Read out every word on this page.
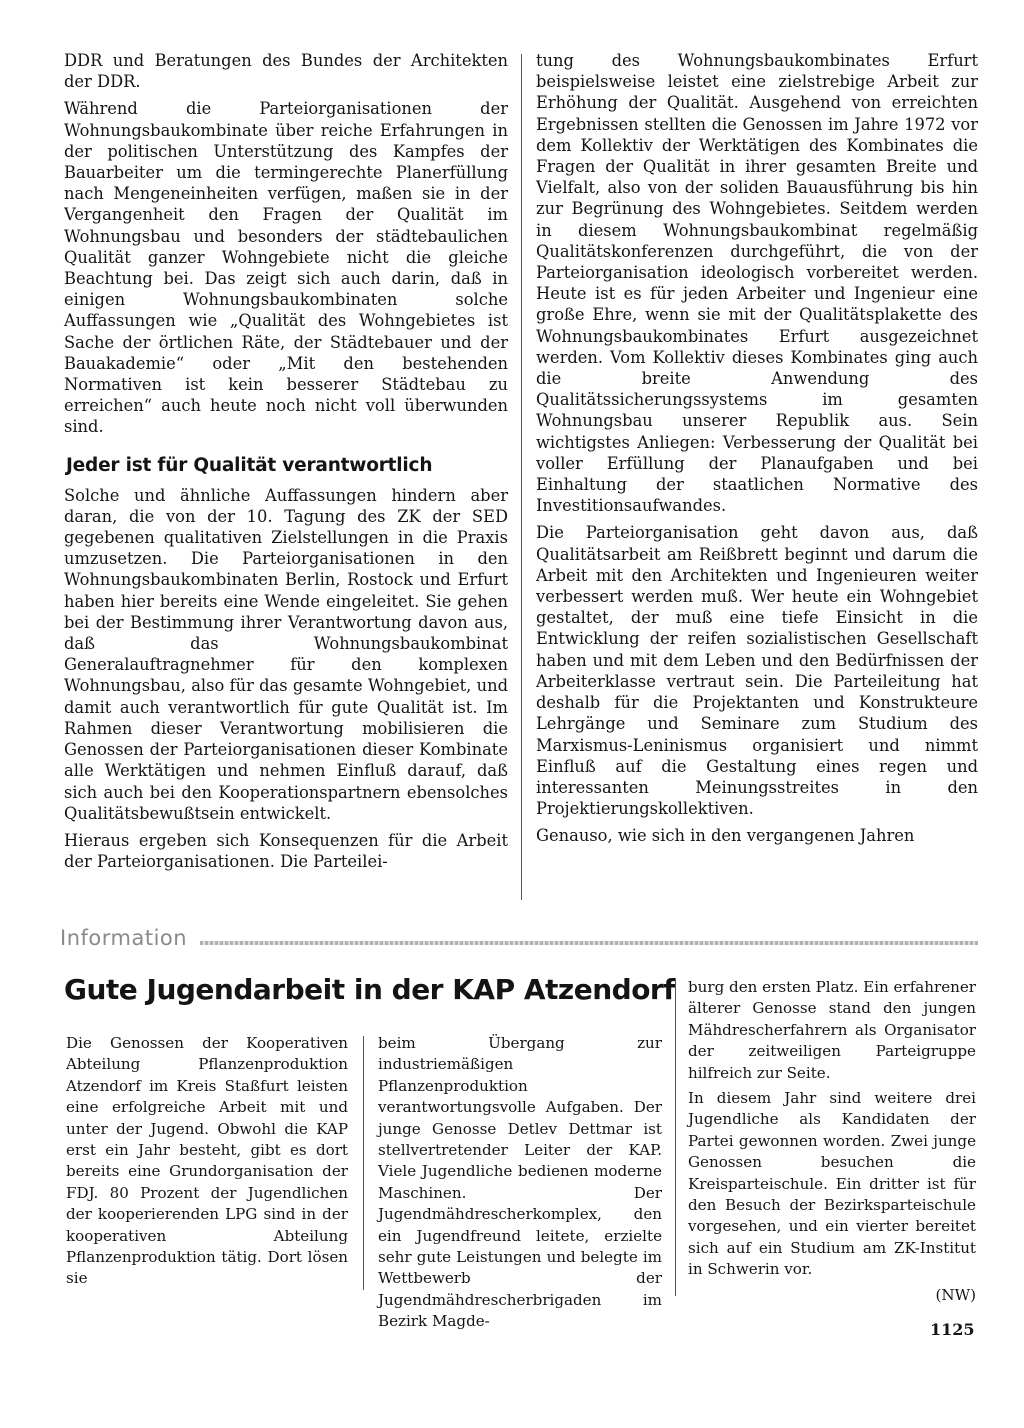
DDR und Beratungen des Bundes der Architekten der DDR.

Während die Parteiorganisationen der Wohnungsbaukombinate über reiche Erfahrungen in der politischen Unterstützung des Kampfes der Bauarbeiter um die termingerechte Planerfüllung nach Mengeneinheiten verfügen, maßen sie in der Vergangenheit den Fragen der Qualität im Wohnungsbau und besonders der städtebaulichen Qualität ganzer Wohngebiete nicht die gleiche Beachtung bei. Das zeigt sich auch darin, daß in einigen Wohnungsbaukombinaten solche Auffassungen wie „Qualität des Wohngebietes ist Sache der örtlichen Räte, der Städtebauer und der Bauakademie“ oder „Mit den bestehenden Normativen ist kein besserer Städtebau zu erreichen“ auch heute noch nicht voll überwunden sind.

Jeder ist für Qualität verantwortlich

Solche und ähnliche Auffassungen hindern aber daran, die von der 10. Tagung des ZK der SED gegebenen qualitativen Zielstellungen in die Praxis umzusetzen. Die Parteiorganisationen in den Wohnungsbaukombinaten Berlin, Rostock und Erfurt haben hier bereits eine Wende eingeleitet. Sie gehen bei der Bestimmung ihrer Verantwortung davon aus, daß das Wohnungsbaukombinat Generalauftragnehmer für den komplexen Wohnungsbau, also für das gesamte Wohngebiet, und damit auch verantwortlich für gute Qualität ist. Im Rahmen dieser Verantwortung mobilisieren die Genossen der Parteiorganisationen dieser Kombinate alle Werktätigen und nehmen Einfluß darauf, daß sich auch bei den Kooperationspartnern ebensolches Qualitätsbewußtsein entwickelt.

Hieraus ergeben sich Konsequenzen für die Arbeit der Parteiorganisationen. Die Parteilei-

tung des Wohnungsbaukombinates Erfurt beispielsweise leistet eine zielstrebige Arbeit zur Erhöhung der Qualität. Ausgehend von erreichten Ergebnissen stellten die Genossen im Jahre 1972 vor dem Kollektiv der Werktätigen des Kombinates die Fragen der Qualität in ihrer gesamten Breite und Vielfalt, also von der soliden Bauausführung bis hin zur Begrünung des Wohngebietes. Seitdem werden in diesem Wohnungsbaukombinat regelmäßig Qualitätskonferenzen durchgeführt, die von der Parteiorganisation ideologisch vorbereitet werden. Heute ist es für jeden Arbeiter und Ingenieur eine große Ehre, wenn sie mit der Qualitätsplakette des Wohnungsbaukombinates Erfurt ausgezeichnet werden. Vom Kollektiv dieses Kombinates ging auch die breite Anwendung des Qualitätssicherungssystems im gesamten Wohnungsbau unserer Republik aus. Sein wichtigstes Anliegen: Verbesserung der Qualität bei voller Erfüllung der Planaufgaben und bei Einhaltung der staatlichen Normative des Investitionsaufwandes.

Die Parteiorganisation geht davon aus, daß Qualitätsarbeit am Reißbrett beginnt und darum die Arbeit mit den Architekten und Ingenieuren weiter verbessert werden muß. Wer heute ein Wohngebiet gestaltet, der muß eine tiefe Einsicht in die Entwicklung der reifen sozialistischen Gesellschaft haben und mit dem Leben und den Bedürfnissen der Arbeiterklasse vertraut sein. Die Parteileitung hat deshalb für die Projektanten und Konstrukteure Lehrgänge und Seminare zum Studium des Marxismus-Leninismus organisiert und nimmt Einfluß auf die Gestaltung eines regen und interessanten Meinungsstreites in den Projektierungskollektiven.

Genauso, wie sich in den vergangenen Jahren

Information
Gute Jugendarbeit in der KAP Atzendorf

Die Genossen der Kooperativen Abteilung Pflanzenproduktion Atzendorf im Kreis Staßfurt leisten eine erfolgreiche Arbeit mit und unter der Jugend. Obwohl die KAP erst ein Jahr besteht, gibt es dort bereits eine Grundorganisation der FDJ. 80 Prozent der Jugendlichen der kooperierenden LPG sind in der kooperativen Abteilung Pflanzenproduktion tätig. Dort lösen sie

beim Übergang zur industriemäßigen Pflanzenproduktion verantwortungsvolle Aufgaben. Der junge Genosse Detlev Dettmar ist stellvertretender Leiter der KAP. Viele Jugendliche bedienen moderne Maschinen. Der Jugendmähdrescherkomplex, den ein Jugendfreund leitete, erzielte sehr gute Leistungen und belegte im Wettbewerb der Jugendmähdrescherbrigaden im Bezirk Magde-

burg den ersten Platz. Ein erfahrener älterer Genosse stand den jungen Mähdrescherfahrern als Organisator der zeitweiligen Parteigruppe hilfreich zur Seite.

In diesem Jahr sind weitere drei Jugendliche als Kandidaten der Partei gewonnen worden. Zwei junge Genossen besuchen die Kreisparteischule. Ein dritter ist für den Besuch der Bezirksparteischule vorgesehen, und ein vierter bereitet sich auf ein Studium am ZK-Institut in Schwerin vor.

(NW)

1125
